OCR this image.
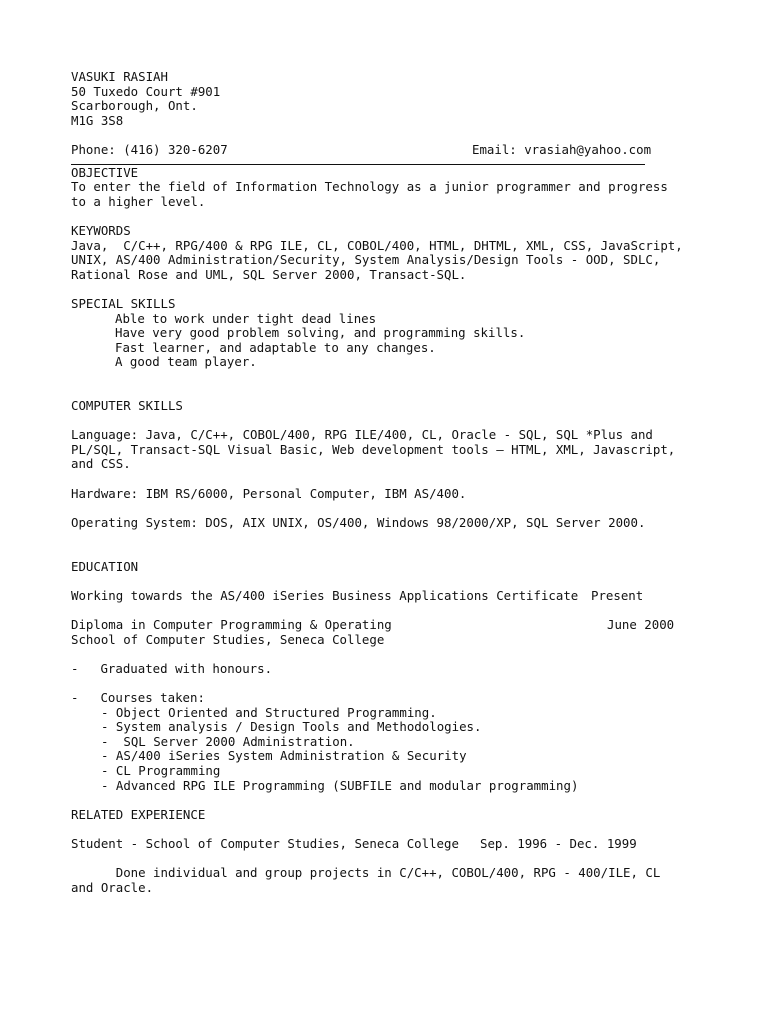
VASUKI RASIAH
50 Tuxedo Court #901
Scarborough, Ont.
M1G 3S8
Phone: (416) 320-6207	Email: vrasiah@yahoo.com
OBJECTIVE
To enter the field of Information Technology as a junior programmer and progress
to a higher level.
KEYWORDS
Java,  C/C++, RPG/400 & RPG ILE, CL, COBOL/400, HTML, DHTML, XML, CSS, JavaScript,
UNIX, AS/400 Administration/Security, System Analysis/Design Tools - OOD, SDLC,
Rational Rose and UML, SQL Server 2000, Transact-SQL.
SPECIAL SKILLS
Able to work under tight dead lines
Have very good problem solving, and programming skills.
Fast learner, and adaptable to any changes.
A good team player.
COMPUTER SKILLS
Language: Java, C/C++, COBOL/400, RPG ILE/400, CL, Oracle - SQL, SQL *Plus and
PL/SQL, Transact-SQL Visual Basic, Web development tools – HTML, XML, Javascript,
and CSS.
Hardware: IBM RS/6000, Personal Computer, IBM AS/400.
Operating System: DOS, AIX UNIX, OS/400, Windows 98/2000/XP, SQL Server 2000.
EDUCATION
Working towards the AS/400 iSeries Business Applications Certificate	Present
Diploma in Computer Programming & Operating	June 2000
School of Computer Studies, Seneca College
-	Graduated with honours.
-	Courses taken:
- Object Oriented and Structured Programming.
- System analysis / Design Tools and Methodologies.
-  SQL Server 2000 Administration.
- AS/400 iSeries System Administration & Security
- CL Programming
- Advanced RPG ILE Programming (SUBFILE and modular programming)
RELATED EXPERIENCE
Student - School of Computer Studies, Seneca College	Sep. 1996 - Dec. 1999
Done individual and group projects in C/C++, COBOL/400, RPG - 400/ILE, CL
and Oracle.
